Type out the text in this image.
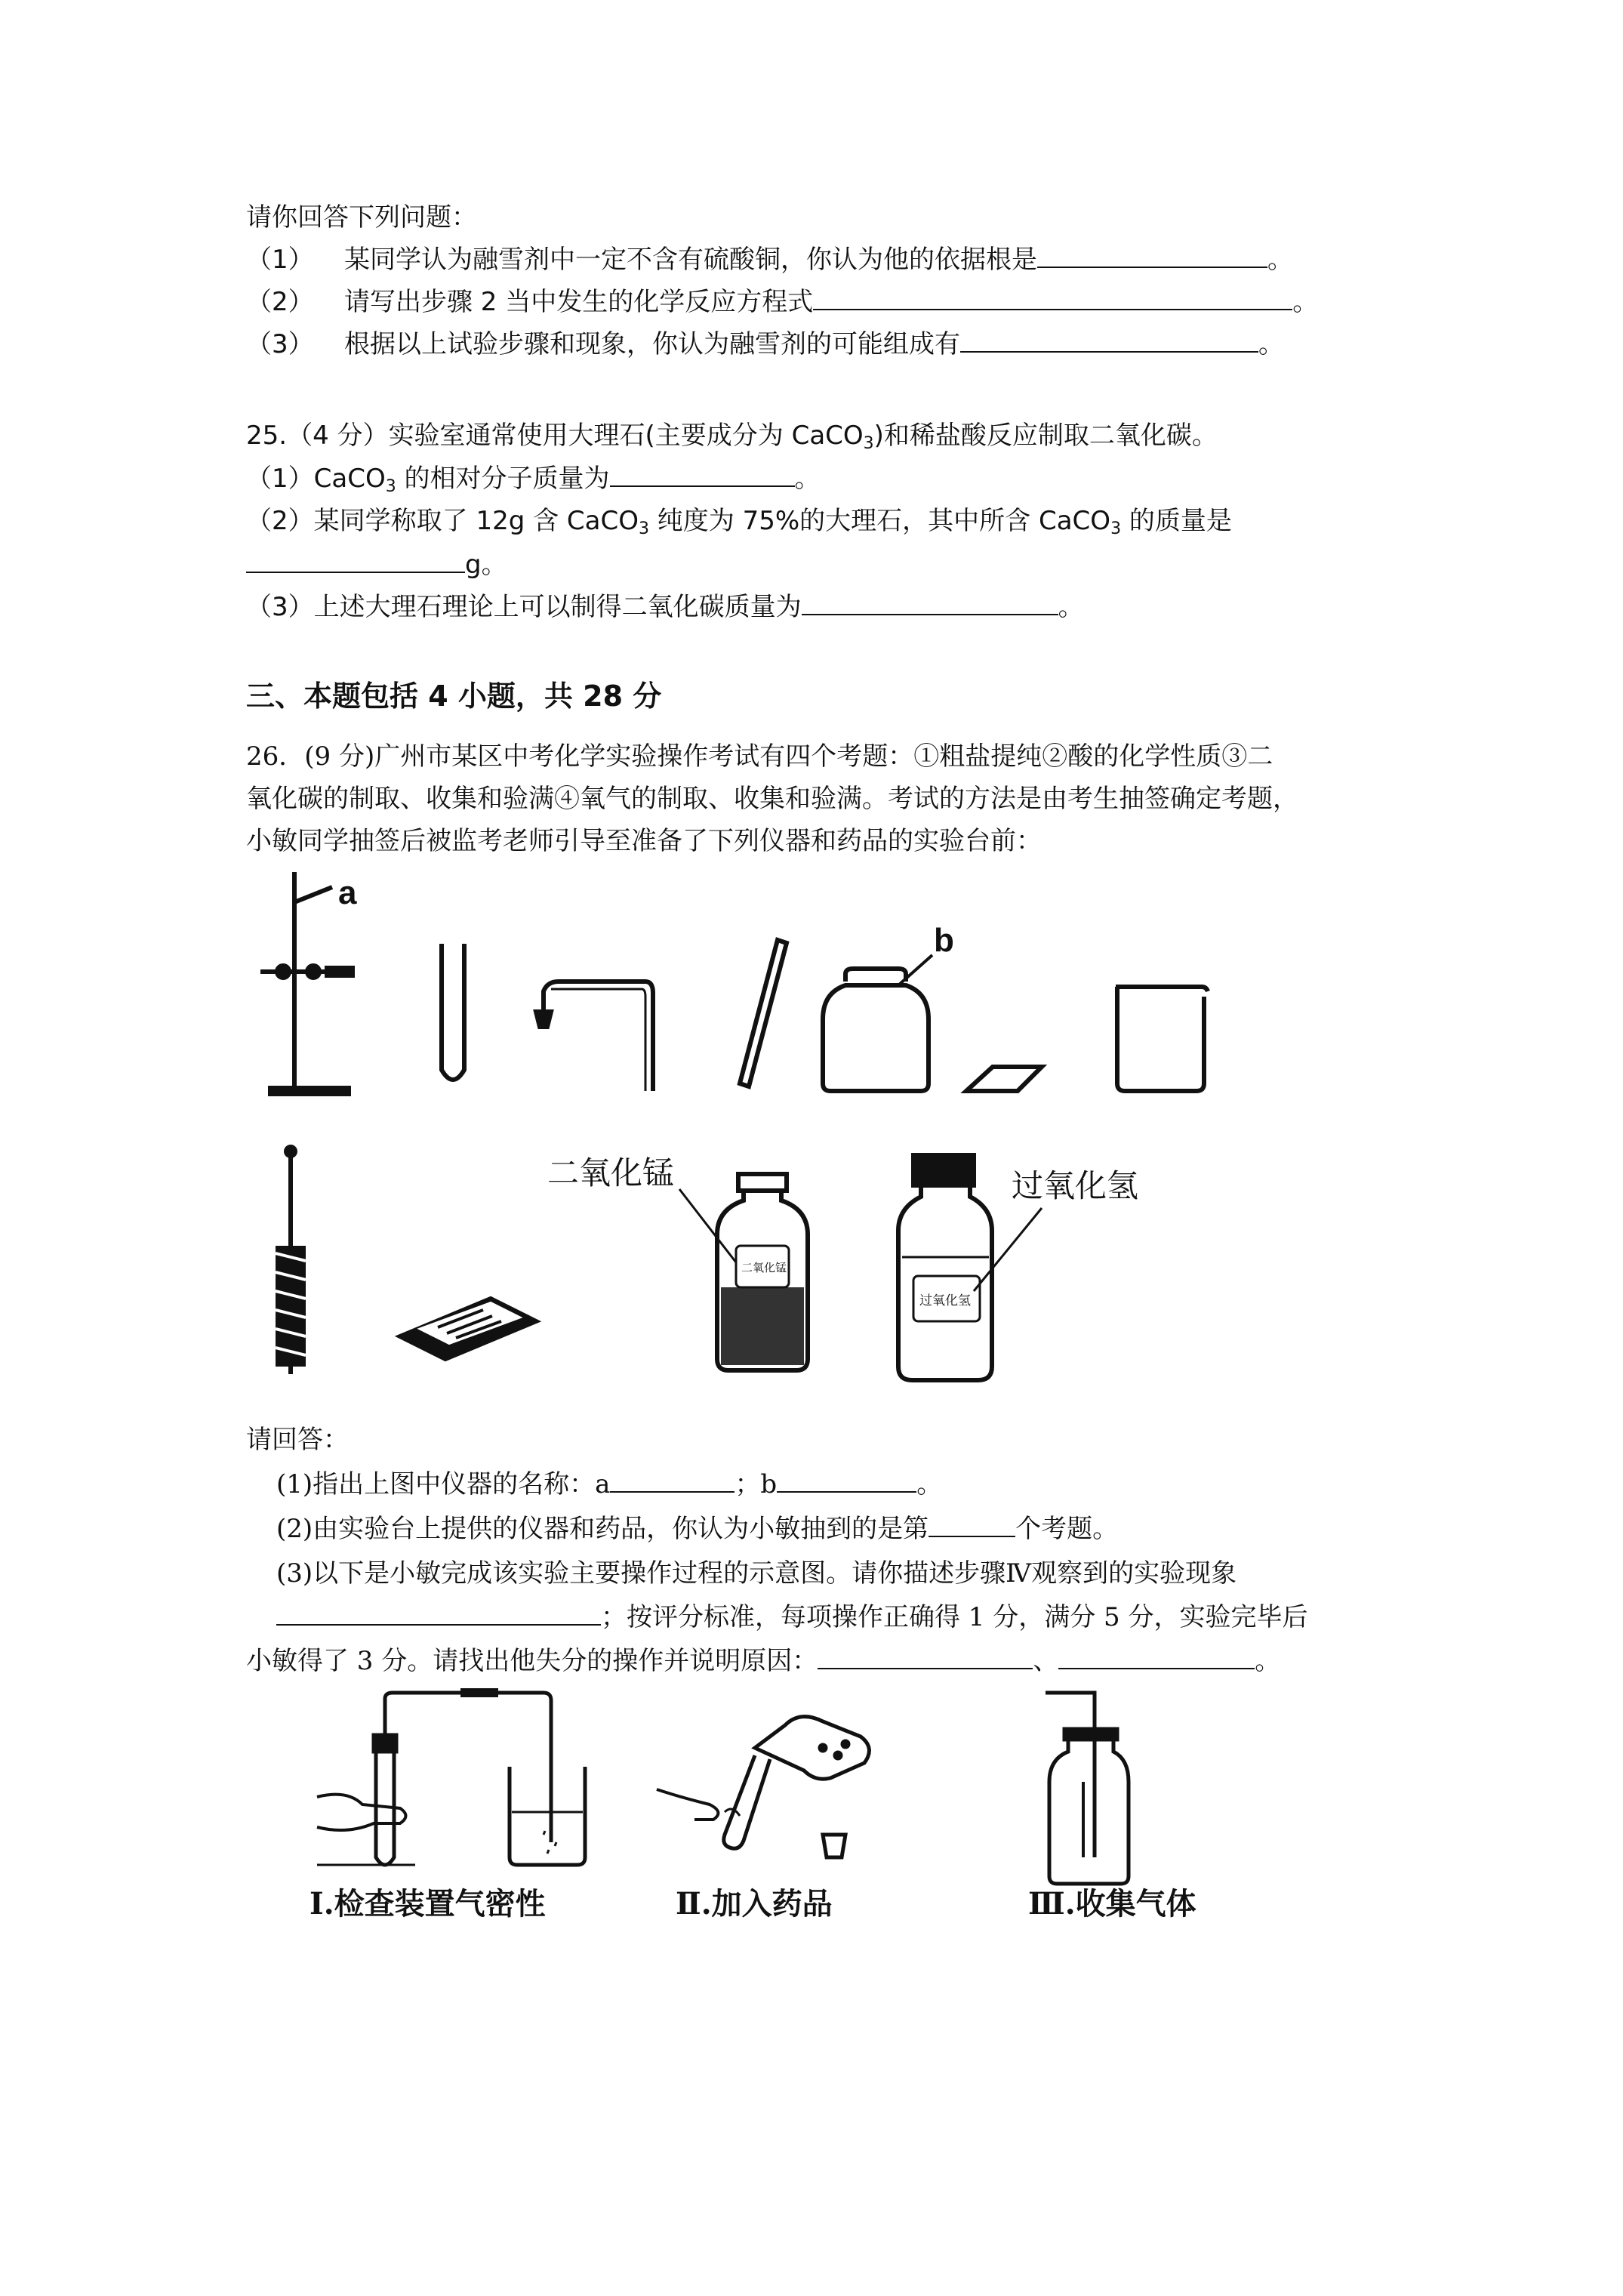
请你回答下列问题：
（1） 某同学认为融雪剂中一定不含有硫酸铜，你认为他的依据根是	。
（2） 请写出步骤 2 当中发生的化学反应方程式	。
（3） 根据以上试验步骤和现象，你认为融雪剂的可能组成有	。
25.（4 分）实验室通常使用大理石(主要成分为 CaCO$_3$)和稀盐酸反应制取二氧化碳。
（1）CaCO$_3$ 的相对分子质量为	。
（2）某同学称取了 12g 含 CaCO$_3$ 纯度为 75%的大理石，其中所含 CaCO$_3$ 的质量是
g。
（3）上述大理石理论上可以制得二氧化碳质量为	。
三、本题包括 4 小题，共 28 分
26．(9 分)广州市某区中考化学实验操作考试有四个考题：①粗盐提纯②酸的化学性质③二
氧化碳的制取、收集和验满④氧气的制取、收集和验满。考试的方法是由考生抽签确定考题，
小敏同学抽签后被监考老师引导至准备了下列仪器和药品的实验台前：
a
b
二氧化锰
二氧化锰
过氧化氢
过氧化氢
请回答：
(1)指出上图中仪器的名称：a	；b	。
(2)由实验台上提供的仪器和药品，你认为小敏抽到的是第	个考题。
(3)以下是小敏完成该实验主要操作过程的示意图。请你描述步骤Ⅳ观察到的实验现象
；按评分标准，每项操作正确得 1 分，满分 5 分，实验完毕后
小敏得了 3 分。请找出他失分的操作并说明原因：	、	。
Ⅰ.检查装置气密性	Ⅱ.加入药品	Ⅲ.收集气体
